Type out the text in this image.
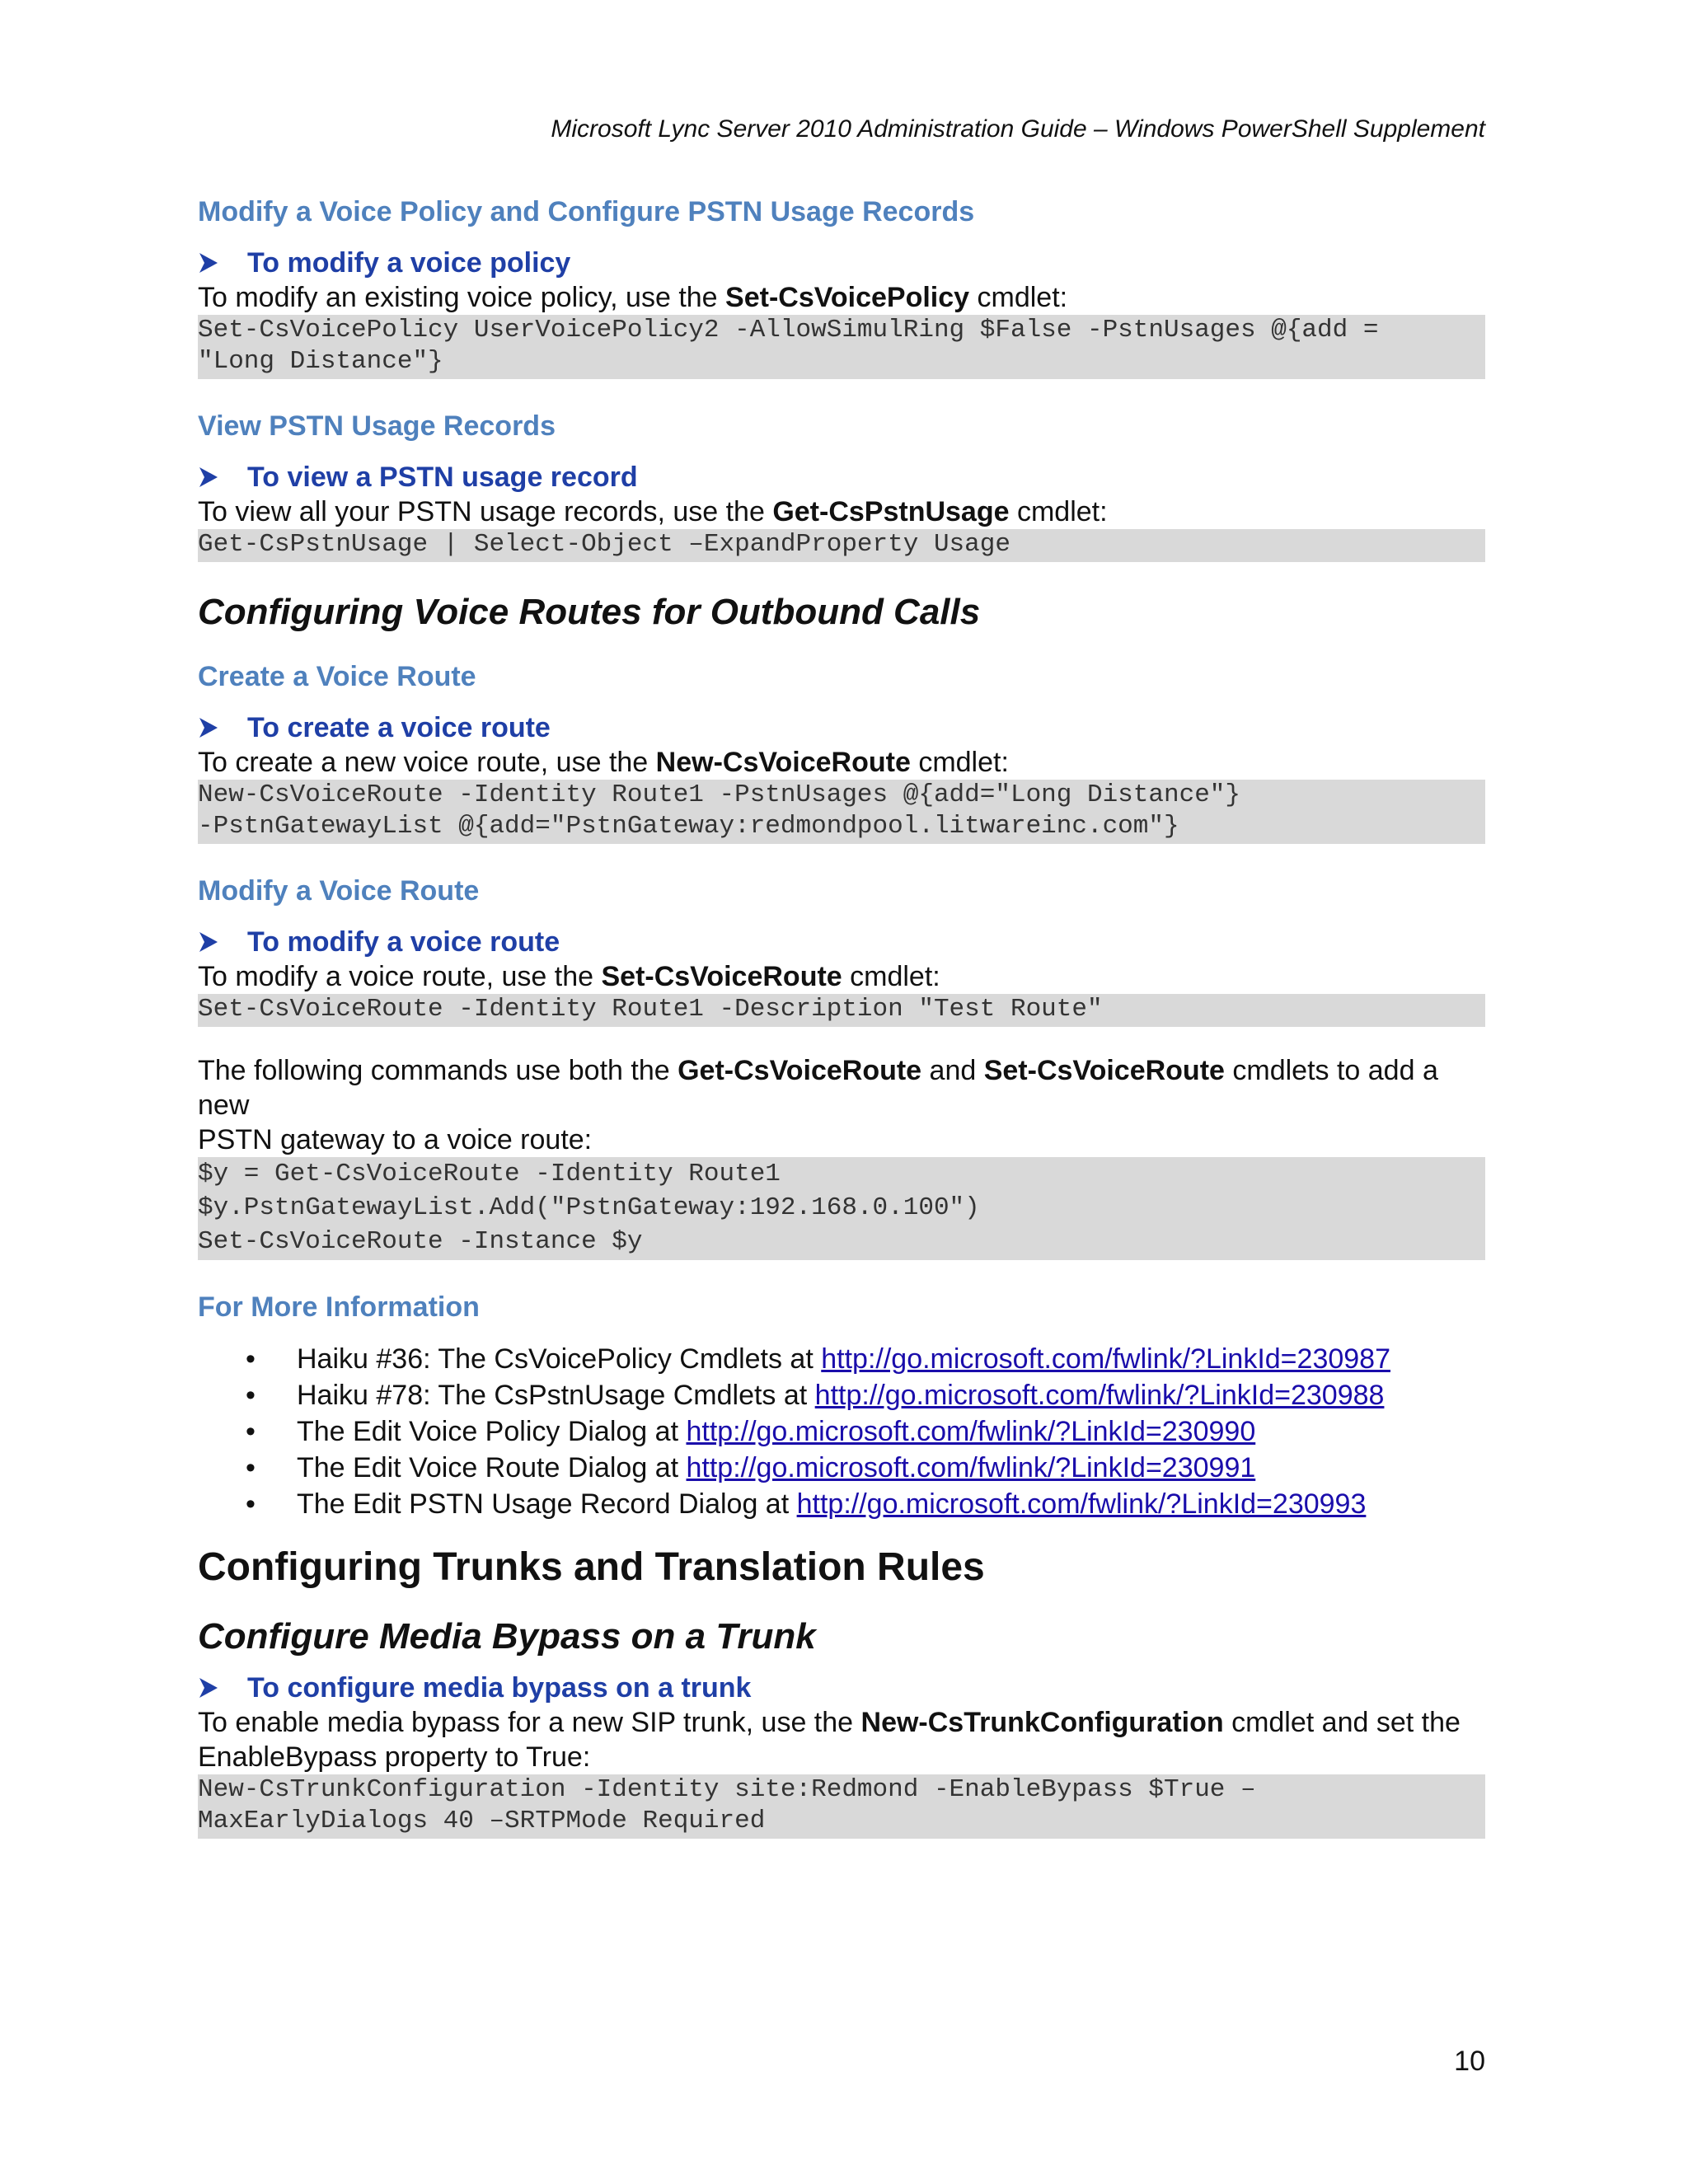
Microsoft Lync Server 2010 Administration Guide – Windows PowerShell Supplement
Modify a Voice Policy and Configure PSTN Usage Records
To modify a voice policy

To modify an existing voice policy, use the Set-CsVoicePolicy cmdlet:

Set-CsVoicePolicy UserVoicePolicy2 -AllowSimulRing $False -PstnUsages @{add =
"Long Distance"}
View PSTN Usage Records
To view a PSTN usage record

To view all your PSTN usage records, use the Get-CsPstnUsage cmdlet:

Get-CsPstnUsage | Select-Object –ExpandProperty Usage
Configuring Voice Routes for Outbound Calls
Create a Voice Route
To create a voice route

To create a new voice route, use the New-CsVoiceRoute cmdlet:

New-CsVoiceRoute -Identity Route1 -PstnUsages @{add="Long Distance"}
-PstnGatewayList @{add="PstnGateway:redmondpool.litwareinc.com"}
Modify a Voice Route
To modify a voice route

To modify a voice route, use the Set-CsVoiceRoute cmdlet:

Set-CsVoiceRoute -Identity Route1 -Description "Test Route"

The following commands use both the Get-CsVoiceRoute and Set-CsVoiceRoute cmdlets to add a new

PSTN gateway to a voice route:

$y = Get-CsVoiceRoute -Identity Route1
$y.PstnGatewayList.Add("PstnGateway:192.168.0.100")
Set-CsVoiceRoute -Instance $y
For More Information
•	Haiku #36: The CsVoicePolicy Cmdlets at http://go.microsoft.com/fwlink/?LinkId=230987
•	Haiku #78: The CsPstnUsage Cmdlets at http://go.microsoft.com/fwlink/?LinkId=230988
•	The Edit Voice Policy Dialog at http://go.microsoft.com/fwlink/?LinkId=230990
•	The Edit Voice Route Dialog at http://go.microsoft.com/fwlink/?LinkId=230991
•	The Edit PSTN Usage Record Dialog at http://go.microsoft.com/fwlink/?LinkId=230993
Configuring Trunks and Translation Rules
Configure Media Bypass on a Trunk
To configure media bypass on a trunk

To enable media bypass for a new SIP trunk, use the New-CsTrunkConfiguration cmdlet and set the

EnableBypass property to True:

New-CsTrunkConfiguration -Identity site:Redmond -EnableBypass $True –
MaxEarlyDialogs 40 –SRTPMode Required
10
